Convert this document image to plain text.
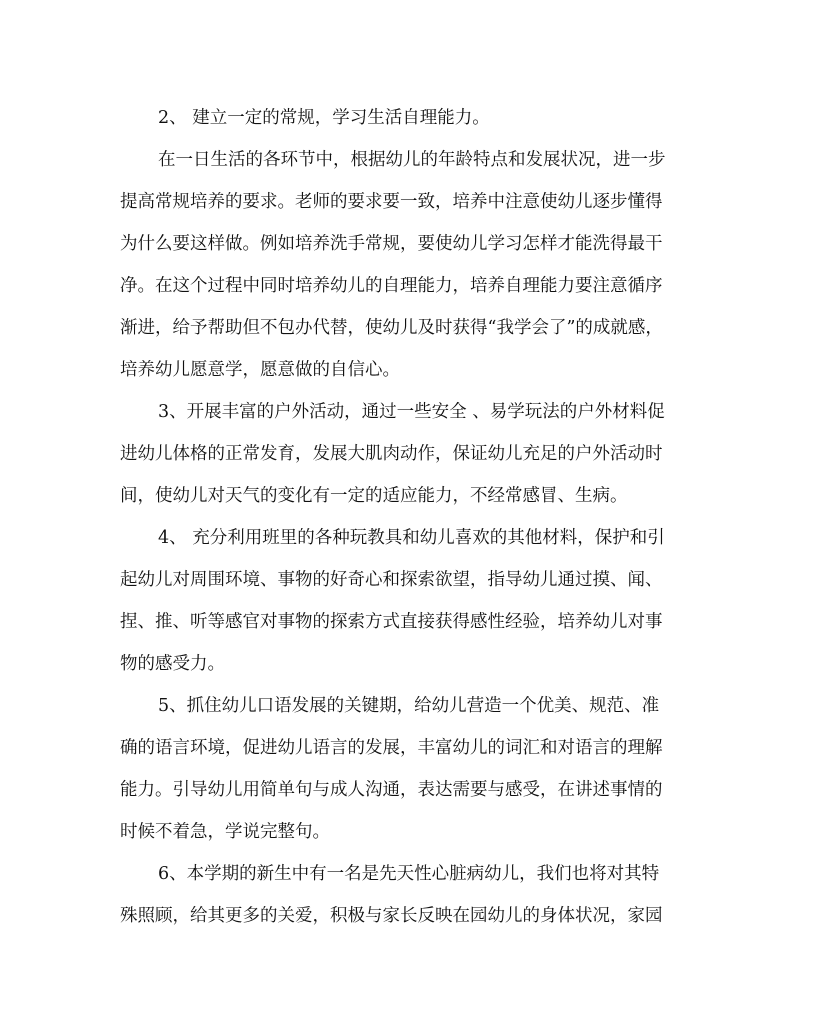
2、 建立一定的常规，学习生活自理能力。

在一日生活的各环节中，根据幼儿的年龄特点和发展状况，进一步

提高常规培养的要求。老师的要求要一致，培养中注意使幼儿逐步懂得

为什么要这样做。例如培养洗手常规，要使幼儿学习怎样才能洗得最干

净。在这个过程中同时培养幼儿的自理能力，培养自理能力要注意循序

渐进，给予帮助但不包办代替，使幼儿及时获得“我学会了”的成就感，

培养幼儿愿意学，愿意做的自信心。

3、开展丰富的户外活动，通过一些安全 、易学玩法的户外材料促

进幼儿体格的正常发育，发展大肌肉动作，保证幼儿充足的户外活动时

间，使幼儿对天气的变化有一定的适应能力，不经常感冒、生病。

4、 充分利用班里的各种玩教具和幼儿喜欢的其他材料，保护和引

起幼儿对周围环境、事物的好奇心和探索欲望，指导幼儿通过摸、闻、

捏、推、听等感官对事物的探索方式直接获得感性经验，培养幼儿对事

物的感受力。

5、抓住幼儿口语发展的关键期，给幼儿营造一个优美、规范、准

确的语言环境，促进幼儿语言的发展，丰富幼儿的词汇和对语言的理解

能力。引导幼儿用简单句与成人沟通，表达需要与感受，在讲述事情的

时候不着急，学说完整句。

6、本学期的新生中有一名是先天性心脏病幼儿，我们也将对其特

殊照顾，给其更多的关爱，积极与家长反映在园幼儿的身体状况，家园
